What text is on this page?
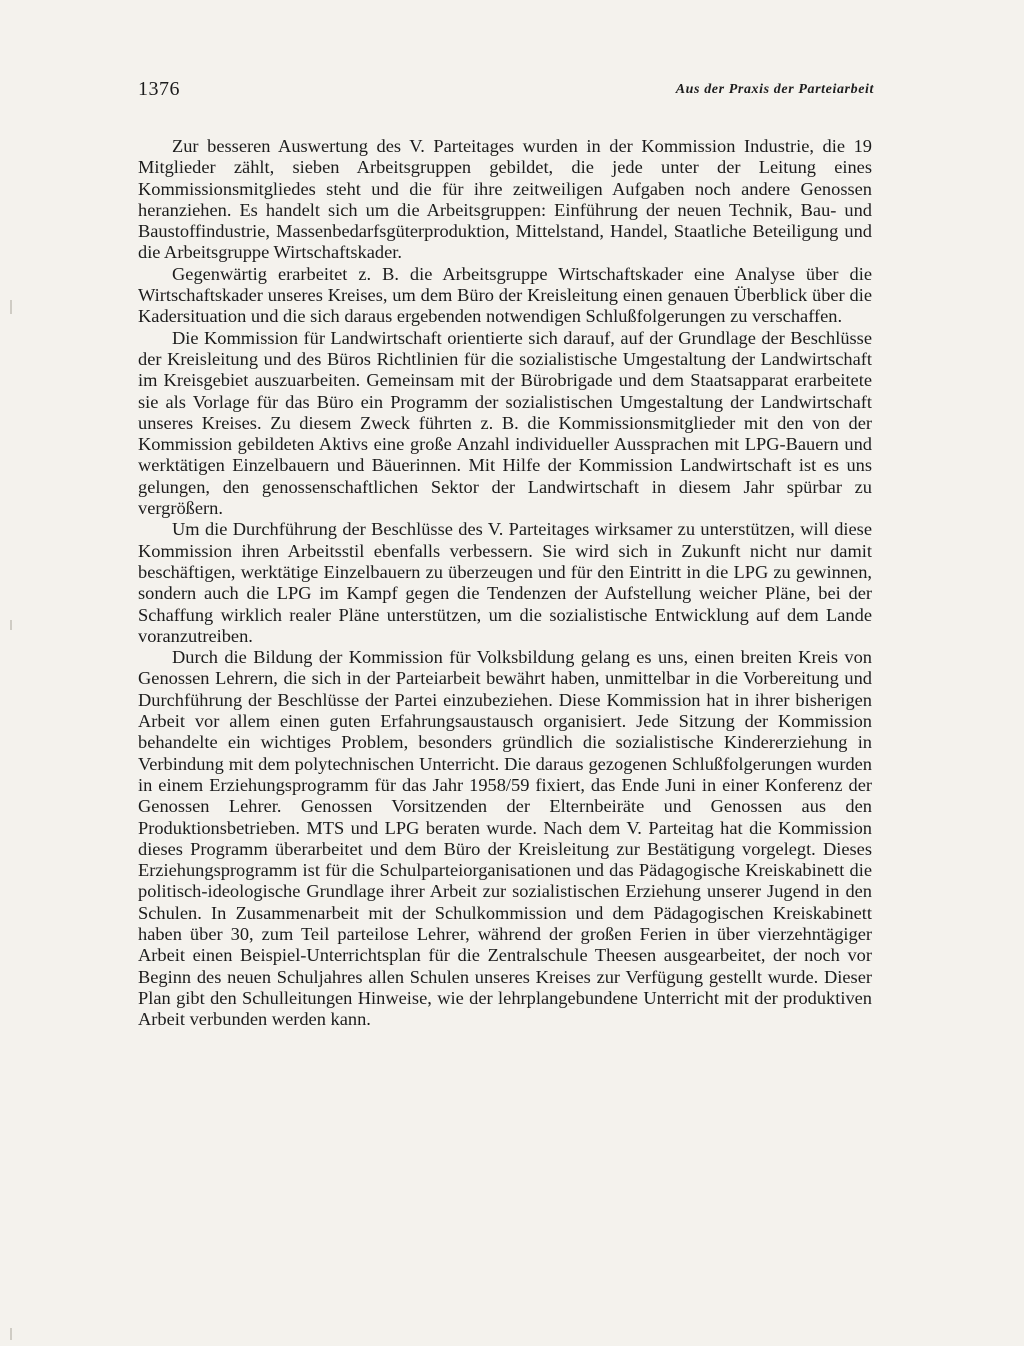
1376	Aus der Praxis der Parteiarbeit

Zur besseren Auswertung des V. Parteitages wurden in der Kommission Industrie, die 19 Mitglieder zählt, sieben Arbeitsgruppen gebildet, die jede unter der Leitung eines Kommissionsmitgliedes steht und die für ihre zeitweiligen Aufgaben noch andere Genossen heranziehen. Es handelt sich um die Arbeitsgruppen: Einführung der neuen Technik, Bau- und Baustoffindustrie, Massenbedarfsgüterproduktion, Mittelstand, Handel, Staatliche Beteiligung und die Arbeitsgruppe Wirtschaftskader.

Gegenwärtig erarbeitet z. B. die Arbeitsgruppe Wirtschaftskader eine Analyse über die Wirtschaftskader unseres Kreises, um dem Büro der Kreisleitung einen genauen Überblick über die Kadersituation und die sich daraus ergebenden notwendigen Schlußfolgerungen zu verschaffen.

Die Kommission für Landwirtschaft orientierte sich darauf, auf der Grundlage der Beschlüsse der Kreisleitung und des Büros Richtlinien für die sozialistische Umgestaltung der Landwirtschaft im Kreisgebiet auszuarbeiten. Gemeinsam mit der Bürobrigade und dem Staatsapparat erarbeitete sie als Vorlage für das Büro ein Programm der sozialistischen Umgestaltung der Landwirtschaft unseres Kreises. Zu diesem Zweck führten z. B. die Kommissionsmitglieder mit den von der Kommission gebildeten Aktivs eine große Anzahl individueller Aussprachen mit LPG-Bauern und werktätigen Einzelbauern und Bäuerinnen. Mit Hilfe der Kommission Landwirtschaft ist es uns gelungen, den genossenschaftlichen Sektor der Landwirtschaft in diesem Jahr spürbar zu vergrößern.

Um die Durchführung der Beschlüsse des V. Parteitages wirksamer zu unterstützen, will diese Kommission ihren Arbeitsstil ebenfalls verbessern. Sie wird sich in Zukunft nicht nur damit beschäftigen, werktätige Einzelbauern zu überzeugen und für den Eintritt in die LPG zu gewinnen, sondern auch die LPG im Kampf gegen die Tendenzen der Aufstellung weicher Pläne, bei der Schaffung wirklich realer Pläne unterstützen, um die sozialistische Entwicklung auf dem Lande voranzutreiben.

Durch die Bildung der Kommission für Volksbildung gelang es uns, einen breiten Kreis von Genossen Lehrern, die sich in der Parteiarbeit bewährt haben, unmittelbar in die Vorbereitung und Durchführung der Beschlüsse der Partei einzubeziehen. Diese Kommission hat in ihrer bisherigen Arbeit vor allem einen guten Erfahrungsaustausch organisiert. Jede Sitzung der Kommission behandelte ein wichtiges Problem, besonders gründlich die sozialistische Kindererziehung in Verbindung mit dem polytechnischen Unterricht. Die daraus gezogenen Schlußfolgerungen wurden in einem Erziehungsprogramm für das Jahr 1958/59 fixiert, das Ende Juni in einer Konferenz der Genossen Lehrer. Genossen Vorsitzenden der Elternbeiräte und Genossen aus den Produktionsbetrieben. MTS und LPG beraten wurde. Nach dem V. Parteitag hat die Kommission dieses Programm überarbeitet und dem Büro der Kreisleitung zur Bestätigung vorgelegt. Dieses Erziehungsprogramm ist für die Schulparteiorganisationen und das Pädagogische Kreiskabinett die politisch-ideologische Grundlage ihrer Arbeit zur sozialistischen Erziehung unserer Jugend in den Schulen. In Zusammenarbeit mit der Schulkommission und dem Pädagogischen Kreiskabinett haben über 30, zum Teil parteilose Lehrer, während der großen Ferien in über vierzehntägiger Arbeit einen Beispiel-Unterrichtsplan für die Zentralschule Theesen ausgearbeitet, der noch vor Beginn des neuen Schuljahres allen Schulen unseres Kreises zur Verfügung gestellt wurde. Dieser Plan gibt den Schulleitungen Hinweise, wie der lehrplangebundene Unterricht mit der produktiven Arbeit verbunden werden kann.
